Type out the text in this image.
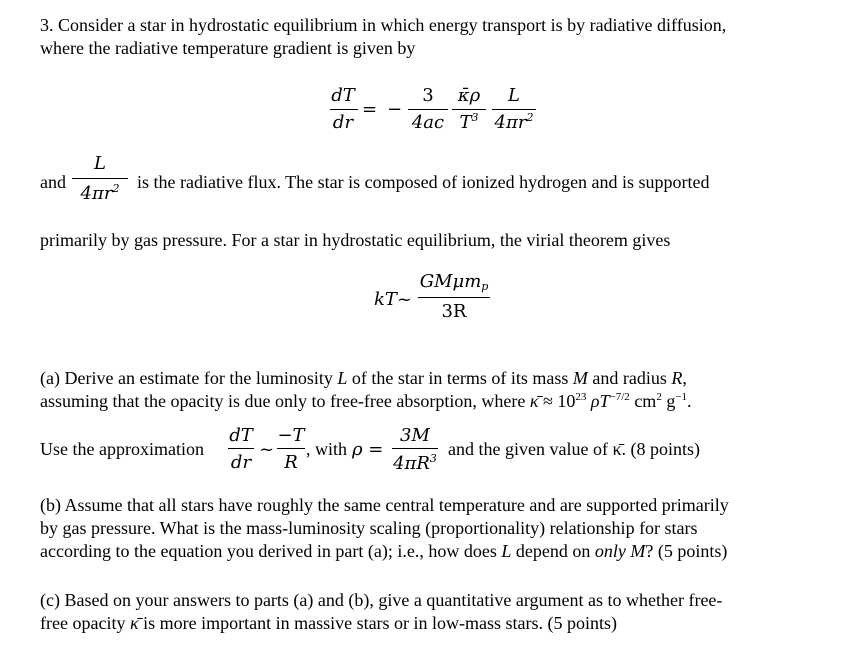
3. Consider a star in hydrostatic equilibrium in which energy transport is by radiative diffusion,
where the radiative temperature gradient is given by
dT
dr
= −
3
4ac
κ̄ρ
$T^3$
L
$4\pi r^2$
and
L
$4\pi r^2$ is the radiative flux. The star is composed of ionized hydrogen and is supported
primarily by gas pressure. For a star in hydrostatic equilibrium, the virial theorem gives
kT~
GMμm$_p$
3R
(a) Derive an estimate for the luminosity L of the star in terms of its mass M and radius R,
assuming that the opacity is due only to free-free absorption, where κ̄ ≈ $10^{23}$ $\rho T^{-7/2}$ $cm^2$ $g^{-1}$.
Use the approximation
dT
dr
~
−T
R
, with ρ =
3M
$4\pi R^3$ and the given value of κ̄. (8 points)
(b) Assume that all stars have roughly the same central temperature and are supported primarily
by gas pressure. What is the mass-luminosity scaling (proportionality) relationship for stars
according to the equation you derived in part (a); i.e., how does L depend on only M? (5 points)
(c) Based on your answers to parts (a) and (b), give a quantitative argument as to whether free-
free opacity κ̄ is more important in massive stars or in low-mass stars. (5 points)
